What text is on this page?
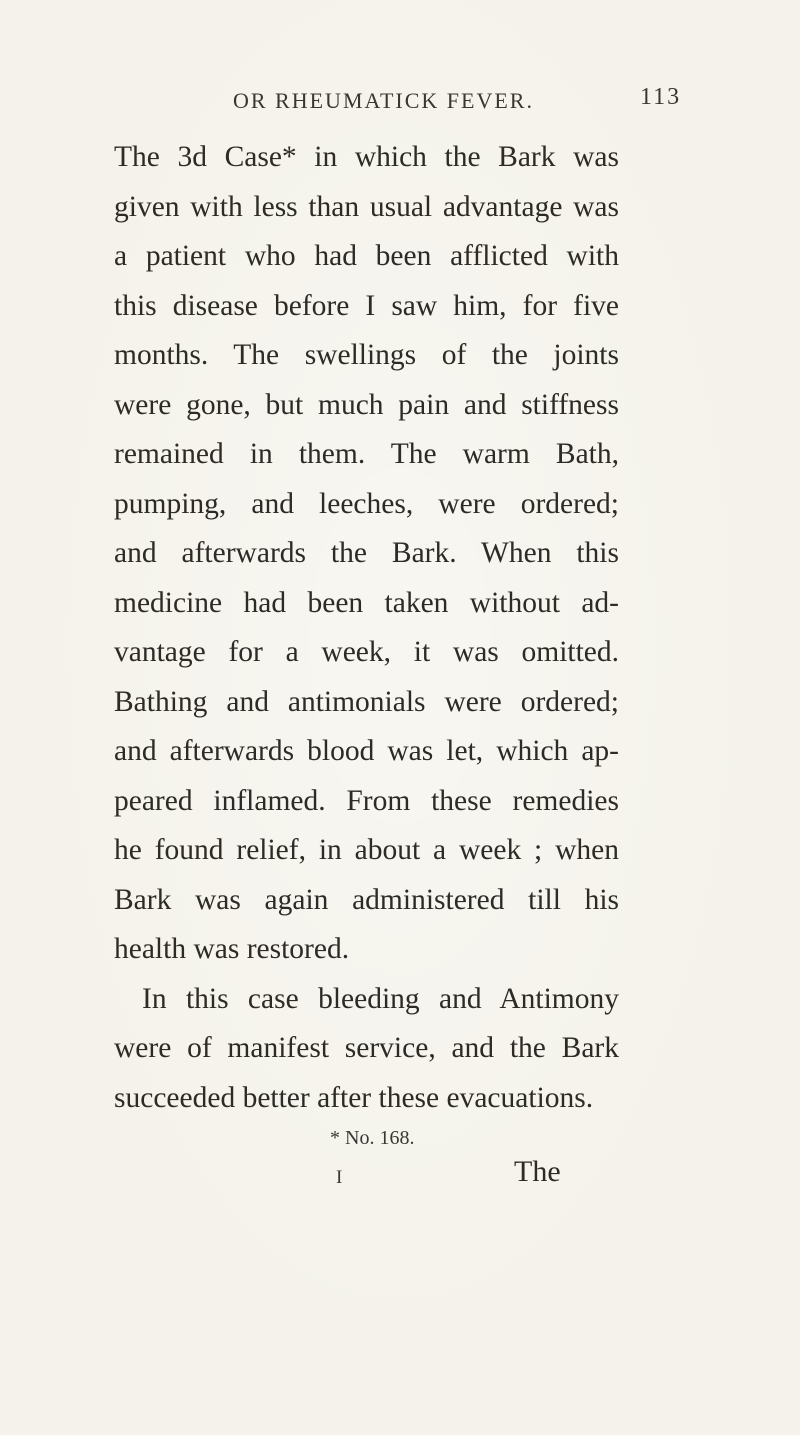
OR RHEUMATICK FEVER.	113
The 3d Case* in which the Bark was
given with less than usual advantage was
a patient who had been afflicted with
this disease before I saw him, for five
months. The swellings of the joints
were gone, but much pain and stiffness
remained in them. The warm Bath,
pumping, and leeches, were ordered;
and afterwards the Bark. When this
medicine had been taken without ad-
vantage for a week, it was omitted.
Bathing and antimonials were ordered;
and afterwards blood was let, which ap-
peared inflamed. From these remedies
he found relief, in about a week ; when
Bark was again administered till his
health was restored.
In this case bleeding and Antimony
were of manifest service, and the Bark
succeeded better after these evacuations.
* No. 168.
I	The
